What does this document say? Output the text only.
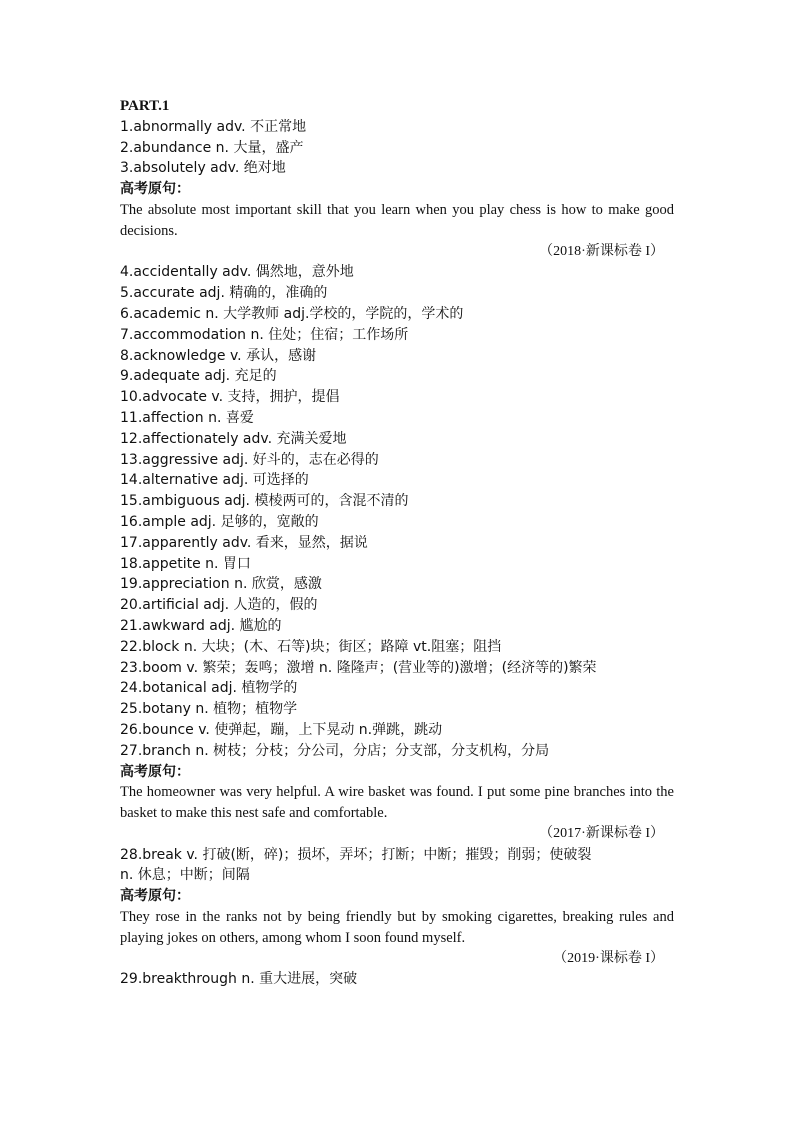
PART.1
1.abnormally adv. 不正常地
2.abundance n. 大量，盛产
3.absolutely adv. 绝对地
高考原句：
The absolute most important skill that you learn when you play chess is how to make good decisions.
（2018·新课标卷 I）
4.accidentally adv. 偶然地，意外地
5.accurate adj. 精确的，准确的
6.academic n. 大学教师 adj.学校的，学院的，学术的
7.accommodation n. 住处；住宿；工作场所
8.acknowledge v. 承认，感谢
9.adequate adj. 充足的
10.advocate v. 支持，拥护，提倡
11.affection n. 喜爱
12.affectionately adv. 充满关爱地
13.aggressive adj. 好斗的，志在必得的
14.alternative adj. 可选择的
15.ambiguous adj. 模棱两可的，含混不清的
16.ample adj. 足够的，宽敞的
17.apparently adv. 看来，显然，据说
18.appetite n. 胃口
19.appreciation n. 欣赏，感激
20.artificial adj. 人造的，假的
21.awkward adj. 尴尬的
22.block n. 大块；(木、石等)块；街区；路障 vt.阻塞；阻挡
23.boom v. 繁荣；轰鸣；激增 n. 隆隆声；(营业等的)激增；(经济等的)繁荣
24.botanical adj. 植物学的
25.botany n. 植物；植物学
26.bounce v. 使弹起，蹦，上下晃动 n.弹跳，跳动
27.branch n. 树枝；分枝；分公司，分店；分支部，分支机构，分局
高考原句：
The homeowner was very helpful. A wire basket was found. I put some pine branches into the basket to make this nest safe and comfortable.
（2017·新课标卷 I）
28.break v. 打破(断，碎)；损坏，弄坏；打断；中断；摧毁；削弱；使破裂
n. 休息；中断；间隔
高考原句：
They rose in the ranks not by being friendly but by smoking cigarettes, breaking rules and playing jokes on others, among whom I soon found myself.
（2019·课标卷 I）
29.breakthrough n. 重大进展，突破
